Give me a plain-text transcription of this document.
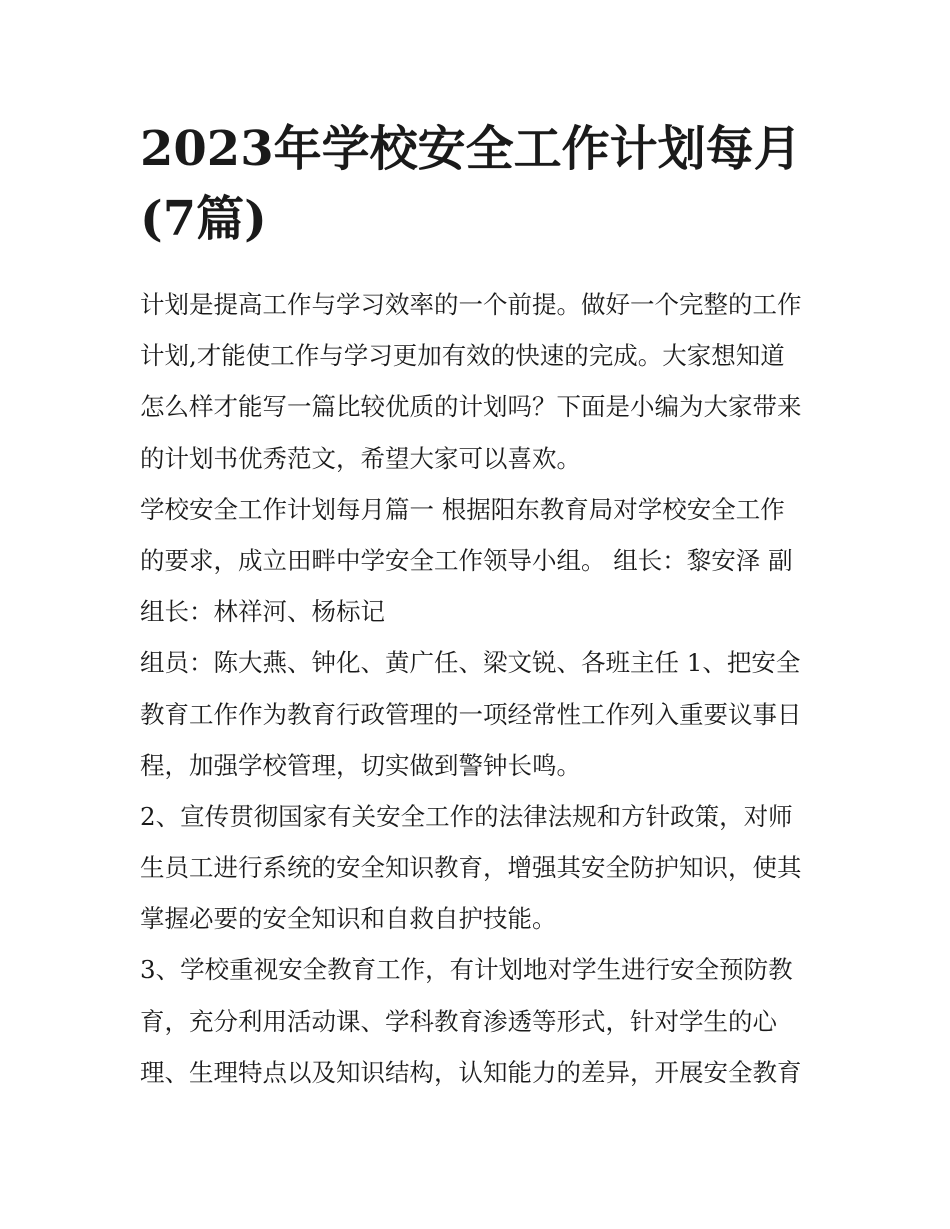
2023年学校安全工作计划每月
(7篇)

计划是提高工作与学习效率的一个前提。做好一个完整的工作
计划,才能使工作与学习更加有效的快速的完成。大家想知道
怎么样才能写一篇比较优质的计划吗？下面是小编为大家带来
的计划书优秀范文，希望大家可以喜欢。

学校安全工作计划每月篇一 根据阳东教育局对学校安全工作
的要求，成立田畔中学安全工作领导小组。 组长：黎安泽 副
组长：林祥河、杨标记

组员：陈大燕、钟化、黄广任、梁文锐、各班主任 1、把安全
教育工作作为教育行政管理的一项经常性工作列入重要议事日
程，加强学校管理，切实做到警钟长鸣。

2、宣传贯彻国家有关安全工作的法律法规和方针政策，对师
生员工进行系统的安全知识教育，增强其安全防护知识，使其
掌握必要的安全知识和自救自护技能。

3、学校重视安全教育工作，有计划地对学生进行安全预防教
育，充分利用活动课、学科教育渗透等形式，针对学生的心
理、生理特点以及知识结构，认知能力的差异，开展安全教育
